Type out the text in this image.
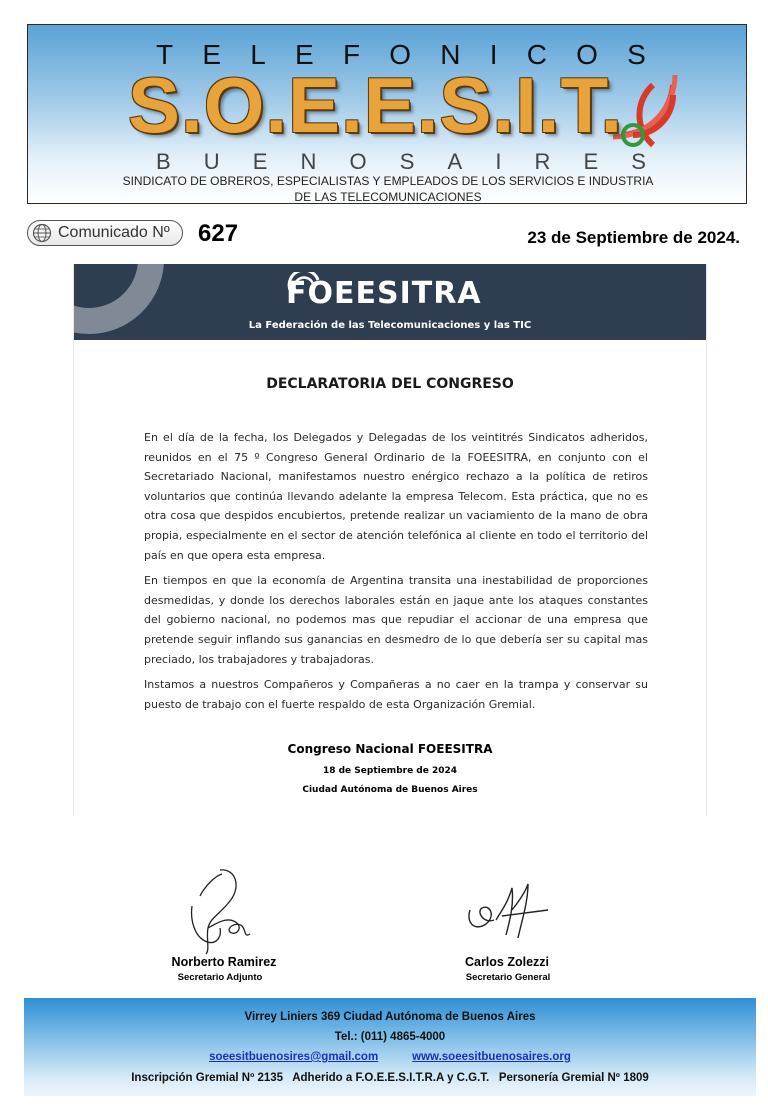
T E L E F O N I C O S
S.O.E.E.S.I.T.
B U E N O S A I R E S
SINDICATO DE OBREROS, ESPECIALISTAS Y EMPLEADOS DE LOS SERVICIOS E INDUSTRIA
DE LAS TELECOMUNICACIONES
Comunicado Nº 627	23 de Septiembre de 2024.
FOEESITRA
La Federación de las Telecomunicaciones y las TIC
DECLARATORIA DEL CONGRESO

En el día de la fecha, los Delegados y Delegadas de los veintitrés Sindicatos adheridos, reunidos en el 75 º Congreso General Ordinario de la FOEESITRA, en conjunto con el Secretariado Nacional, manifestamos nuestro enérgico rechazo a la política de retiros voluntarios que continúa llevando adelante la empresa Telecom. Esta práctica, que no es otra cosa que despidos encubiertos, pretende realizar un vaciamiento de la mano de obra propia, especialmente en el sector de atención telefónica al cliente en todo el territorio del país en que opera esta empresa.

En tiempos en que la economía de Argentina transita una inestabilidad de proporciones desmedidas, y donde los derechos laborales están en jaque ante los ataques constantes del gobierno nacional, no podemos mas que repudiar el accionar de una empresa que pretende seguir inflando sus ganancias en desmedro de lo que debería ser su capital mas preciado, los trabajadores y trabajadoras.

Instamos a nuestros Compañeros y Compañeras a no caer en la trampa y conservar su puesto de trabajo con el fuerte respaldo de esta Organización Gremial.

Congreso Nacional FOEESITRA
18 de Septiembre de 2024
Ciudad Autónoma de Buenos Aires
Norberto Ramirez
Secretario Adjunto
Carlos Zolezzi
Secretario General
Virrey Liniers 369 Ciudad Autónoma de Buenos Aires
Tel.: (011) 4865-4000
soeesitbuenosires@gmail.com	www.soeesitbuenosaires.org
Inscripción Gremial Nº 2135   Adherido a F.O.E.E.S.I.T.R.A y C.G.T.   Personería Gremial Nº 1809
